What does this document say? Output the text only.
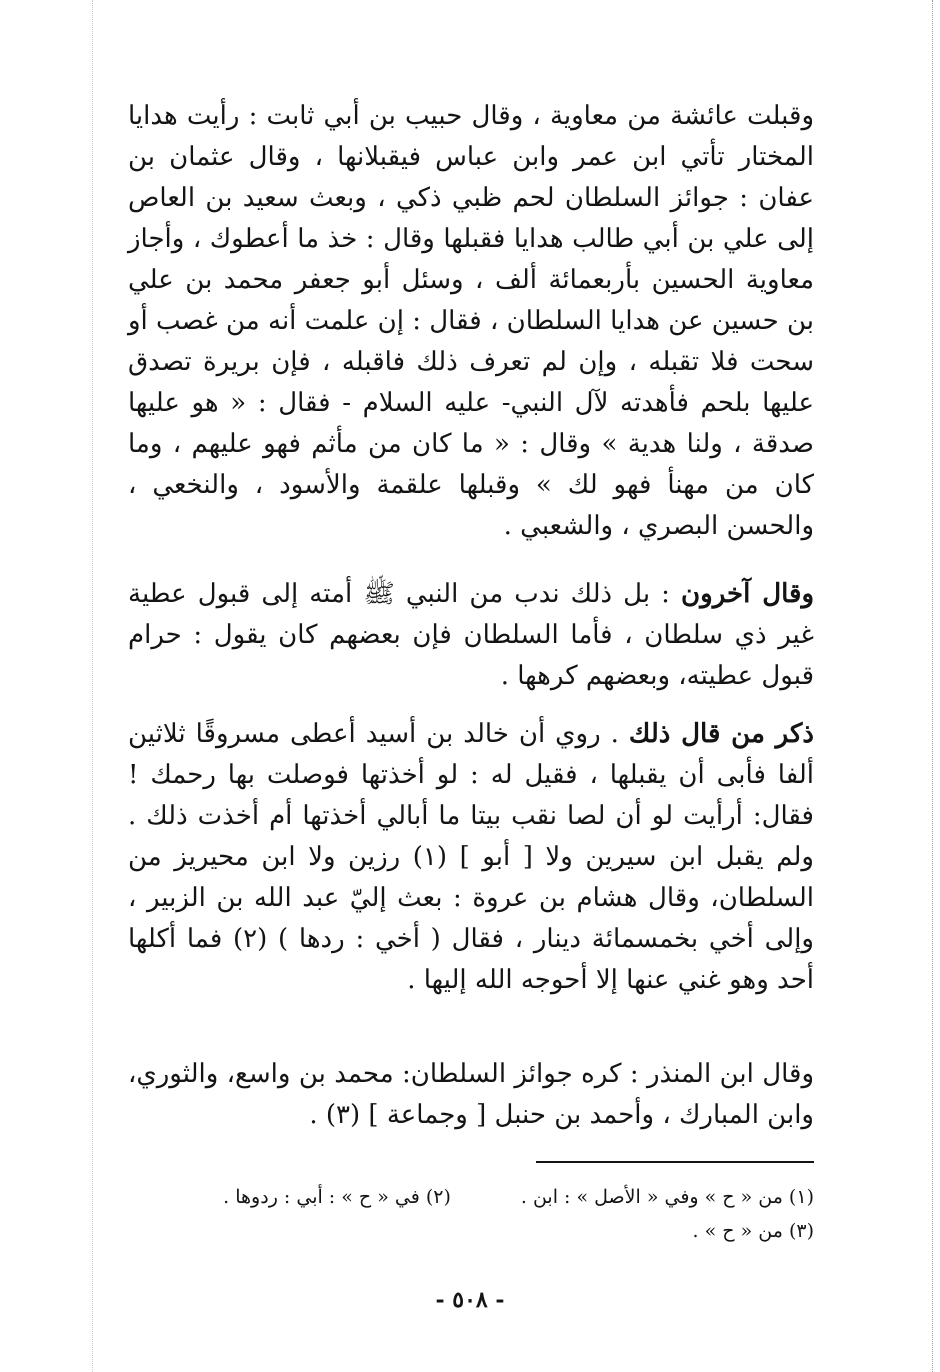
وقبلت عائشة من معاوية ، وقال حبيب بن أبي ثابت : رأيت هدايا المختار تأتي ابن عمر وابن عباس فيقبلانها ، وقال عثمان بن عفان : جوائز السلطان لحم ظبي ذكي ، وبعث سعيد بن العاص إلى علي بن أبي طالب هدايا فقبلها وقال : خذ ما أعطوك ، وأجاز معاوية الحسين بأربعمائة ألف ، وسئل أبو جعفر محمد بن علي بن حسين عن هدايا السلطان ، فقال : إن علمت أنه من غصب أو سحت فلا تقبله ، وإن لم تعرف ذلك فاقبله ، فإن بريرة تصدق عليها بلحم فأهدته لآل النبي- عليه السلام - فقال : « هو عليها صدقة ، ولنا هدية » وقال : « ما كان من مأثم فهو عليهم ، وما كان من مهنأ فهو لك » وقبلها علقمة والأسود ، والنخعي ، والحسن البصري ، والشعبي .

وقال آخرون : بل ذلك ندب من النبي ﷺ أمته إلى قبول عطية غير ذي سلطان ، فأما السلطان فإن بعضهم كان يقول : حرام قبول عطيته، وبعضهم كرهها .

ذكر من قال ذلك . روي أن خالد بن أسيد أعطى مسروقًا ثلاثين ألفا فأبى أن يقبلها ، فقيل له : لو أخذتها فوصلت بها رحمك ! فقال: أرأيت لو أن لصا نقب بيتا ما أبالي أخذتها أم أخذت ذلك . ولم يقبل ابن سيرين ولا [ أبو ] (١) رزين ولا ابن محيريز من السلطان، وقال هشام بن عروة : بعث إليّ عبد الله بن الزبير ، وإلى أخي بخمسمائة دينار ، فقال ( أخي : ردها ) (٢) فما أكلها أحد وهو غني عنها إلا أحوجه الله إليها .

وقال ابن المنذر : كره جوائز السلطان: محمد بن واسع، والثوري، وابن المبارك ، وأحمد بن حنبل [ وجماعة ] (٣) .

(١) من « ح » وفي « الأصل » : ابن .
(٢) في « ح » : أبي : ردوها .
(٣) من « ح » .
- ٥٠٨ -
